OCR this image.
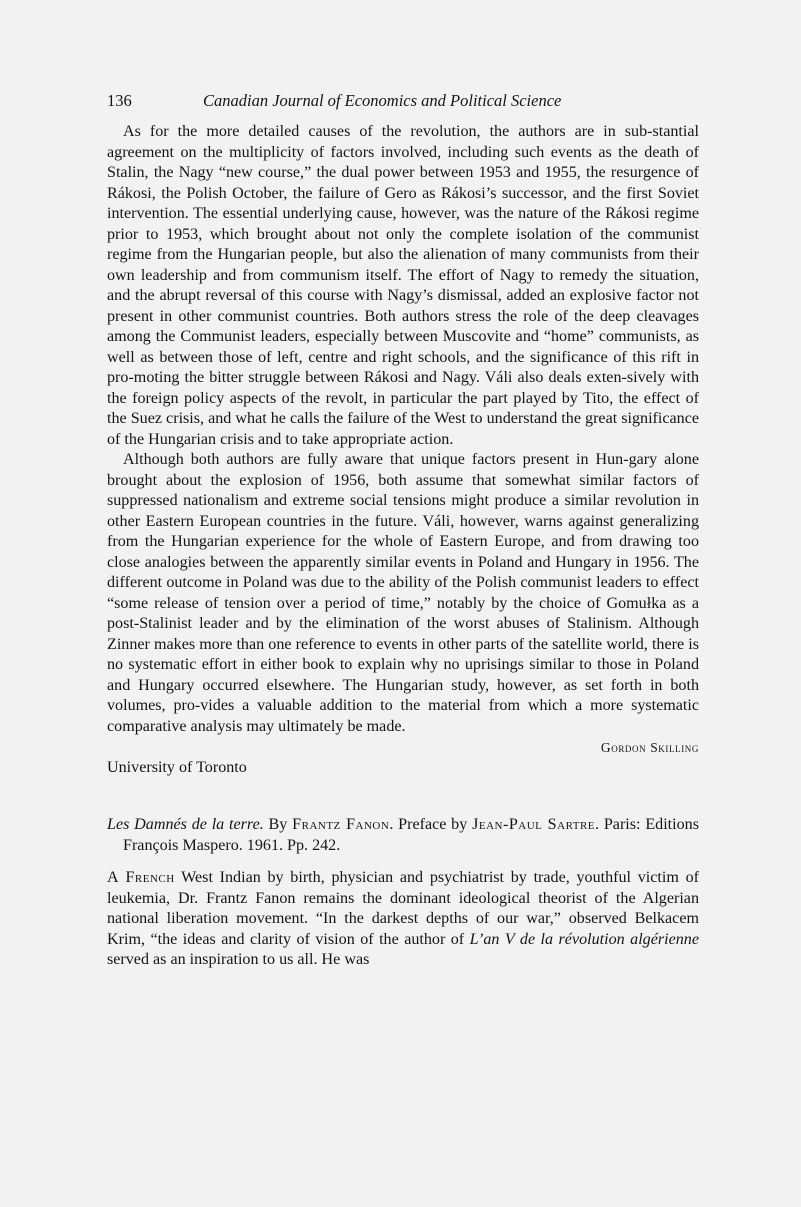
136	Canadian Journal of Economics and Political Science

As for the more detailed causes of the revolution, the authors are in sub-stantial agreement on the multiplicity of factors involved, including such events as the death of Stalin, the Nagy “new course,” the dual power between 1953 and 1955, the resurgence of Rákosi, the Polish October, the failure of Gero as Rákosi’s successor, and the first Soviet intervention. The essential underlying cause, however, was the nature of the Rákosi regime prior to 1953, which brought about not only the complete isolation of the communist regime from the Hungarian people, but also the alienation of many communists from their own leadership and from communism itself. The effort of Nagy to remedy the situation, and the abrupt reversal of this course with Nagy’s dismissal, added an explosive factor not present in other communist countries. Both authors stress the role of the deep cleavages among the Communist leaders, especially between Muscovite and “home” communists, as well as between those of left, centre and right schools, and the significance of this rift in pro-moting the bitter struggle between Rákosi and Nagy. Váli also deals exten-sively with the foreign policy aspects of the revolt, in particular the part played by Tito, the effect of the Suez crisis, and what he calls the failure of the West to understand the great significance of the Hungarian crisis and to take appropriate action.

Although both authors are fully aware that unique factors present in Hun-gary alone brought about the explosion of 1956, both assume that somewhat similar factors of suppressed nationalism and extreme social tensions might produce a similar revolution in other Eastern European countries in the future. Váli, however, warns against generalizing from the Hungarian experience for the whole of Eastern Europe, and from drawing too close analogies between the apparently similar events in Poland and Hungary in 1956. The different outcome in Poland was due to the ability of the Polish communist leaders to effect “some release of tension over a period of time,” notably by the choice of Gomułka as a post-Stalinist leader and by the elimination of the worst abuses of Stalinism. Although Zinner makes more than one reference to events in other parts of the satellite world, there is no systematic effort in either book to explain why no uprisings similar to those in Poland and Hungary occurred elsewhere. The Hungarian study, however, as set forth in both volumes, pro-vides a valuable addition to the material from which a more systematic comparative analysis may ultimately be made.

Gordon Skilling
University of Toronto
Les Damnés de la terre. By Frantz Fanon. Preface by Jean-Paul Sartre. Paris: Editions François Maspero. 1961. Pp. 242.

A French West Indian by birth, physician and psychiatrist by trade, youthful victim of leukemia, Dr. Frantz Fanon remains the dominant ideological theorist of the Algerian national liberation movement. “In the darkest depths of our war,” observed Belkacem Krim, “the ideas and clarity of vision of the author of L’an V de la révolution algérienne served as an inspiration to us all. He was
